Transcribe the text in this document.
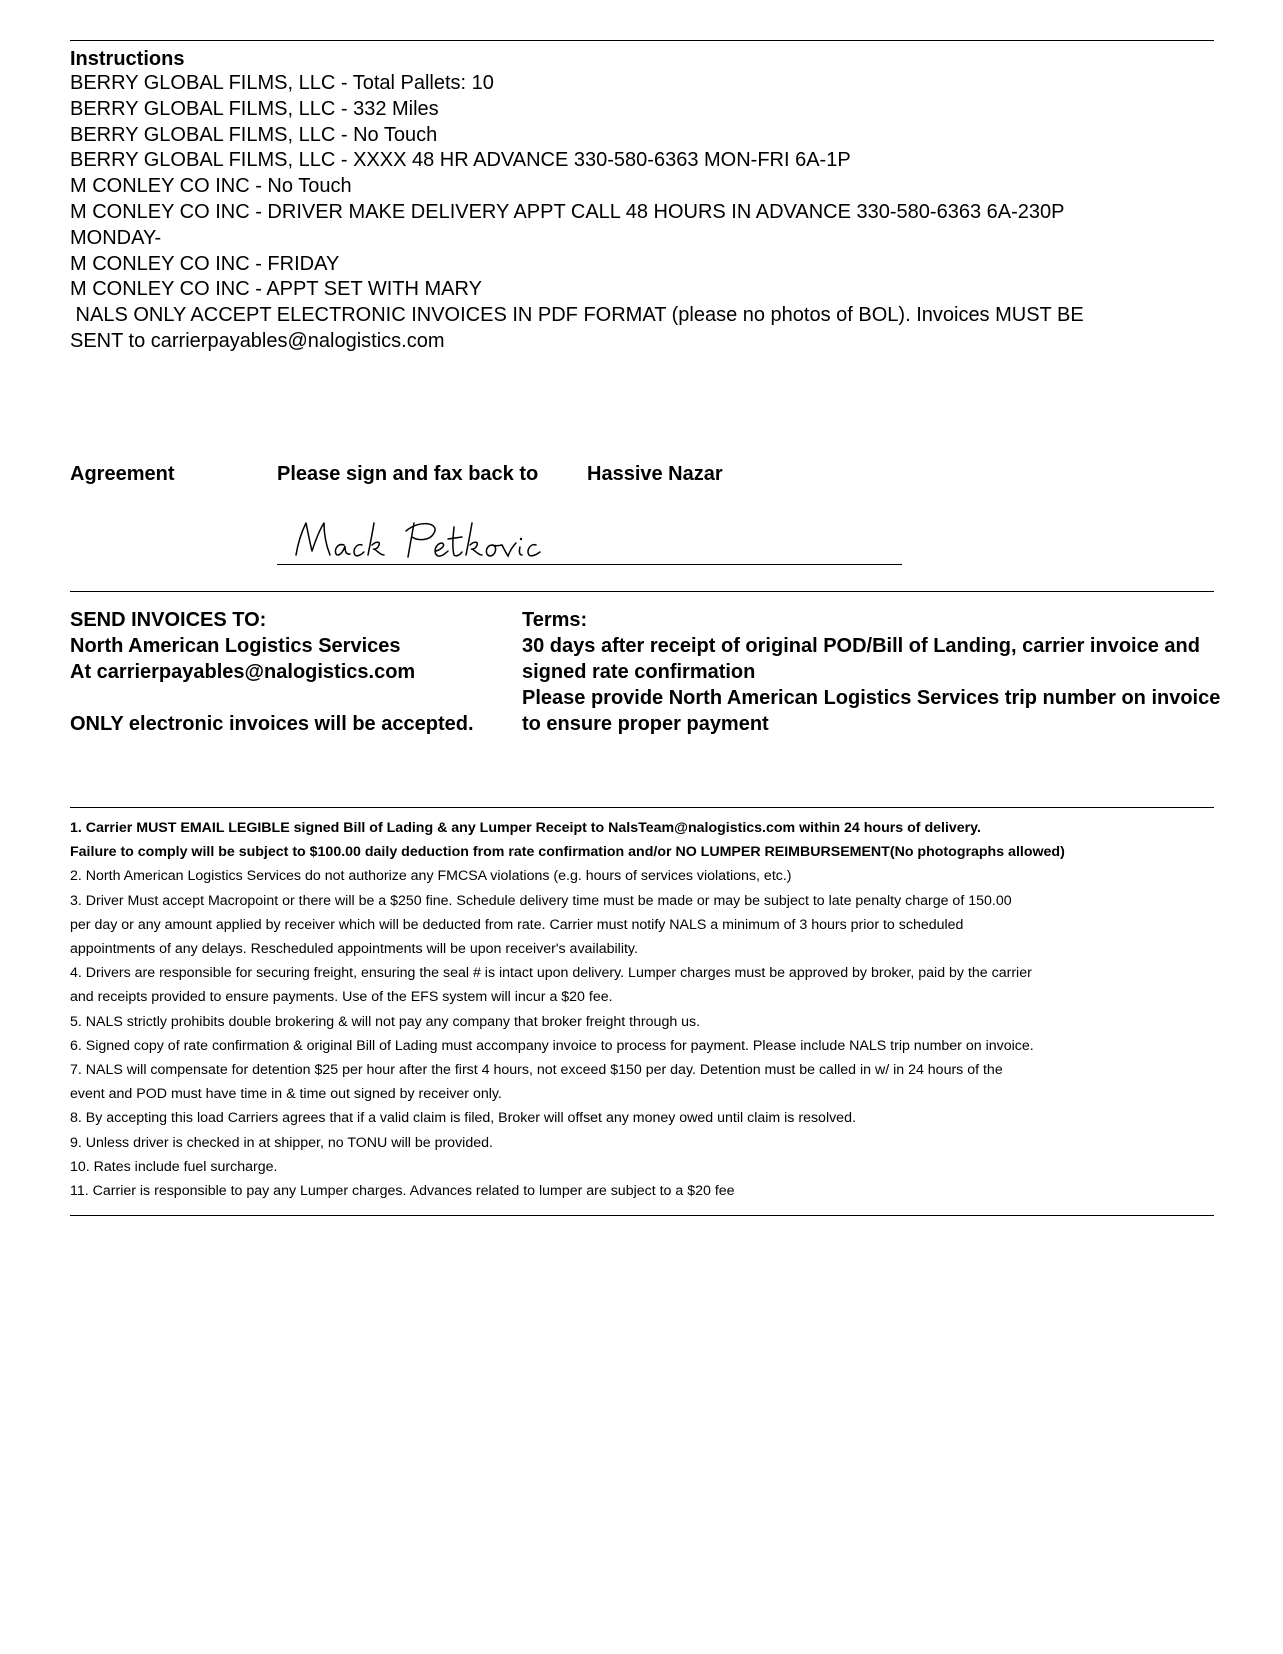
Instructions
BERRY GLOBAL FILMS, LLC - Total Pallets: 10
BERRY GLOBAL FILMS, LLC - 332 Miles
BERRY GLOBAL FILMS, LLC - No Touch
BERRY GLOBAL FILMS, LLC - XXXX 48 HR ADVANCE 330-580-6363 MON-FRI 6A-1P
M CONLEY CO INC - No Touch
M CONLEY CO INC - DRIVER MAKE DELIVERY APPT CALL 48 HOURS IN ADVANCE 330-580-6363 6A-230P
MONDAY-
M CONLEY CO INC - FRIDAY
M CONLEY CO INC - APPT SET WITH MARY
NALS ONLY ACCEPT ELECTRONIC INVOICES IN PDF FORMAT (please no photos of BOL). Invoices MUST BE
SENT to carrierpayables@nalogistics.com
Agreement	Please sign and fax back to Hassive Nazar
SEND INVOICES TO:
North American Logistics Services
At carrierpayables@nalogistics.com
ONLY electronic invoices will be accepted.
Terms:
30 days after receipt of original POD/Bill of Landing, carrier invoice and
signed rate confirmation
Please provide North American Logistics Services trip number on invoice
to ensure proper payment
1. Carrier MUST EMAIL LEGIBLE signed Bill of Lading & any Lumper Receipt to NalsTeam@nalogistics.com within 24 hours of delivery.
Failure to comply will be subject to $100.00 daily deduction from rate confirmation and/or NO LUMPER REIMBURSEMENT(No photographs allowed)
2. North American Logistics Services do not authorize any FMCSA violations (e.g. hours of services violations, etc.)
3. Driver Must accept Macropoint or there will be a $250 fine. Schedule delivery time must be made or may be subject to late penalty charge of 150.00
per day or any amount applied by receiver which will be deducted from rate. Carrier must notify NALS a minimum of 3 hours prior to scheduled
appointments of any delays. Rescheduled appointments will be upon receiver's availability.
4. Drivers are responsible for securing freight, ensuring the seal # is intact upon delivery. Lumper charges must be approved by broker, paid by the carrier
and receipts provided to ensure payments. Use of the EFS system will incur a $20 fee.
5. NALS strictly prohibits double brokering & will not pay any company that broker freight through us.
6. Signed copy of rate confirmation & original Bill of Lading must accompany invoice to process for payment. Please include NALS trip number on invoice.
7. NALS will compensate for detention $25 per hour after the first 4 hours, not exceed $150 per day. Detention must be called in w/ in 24 hours of the
event and POD must have time in & time out signed by receiver only.
8. By accepting this load Carriers agrees that if a valid claim is filed, Broker will offset any money owed until claim is resolved.
9. Unless driver is checked in at shipper, no TONU will be provided.
10. Rates include fuel surcharge.
11. Carrier is responsible to pay any Lumper charges. Advances related to lumper are subject to a $20 fee
